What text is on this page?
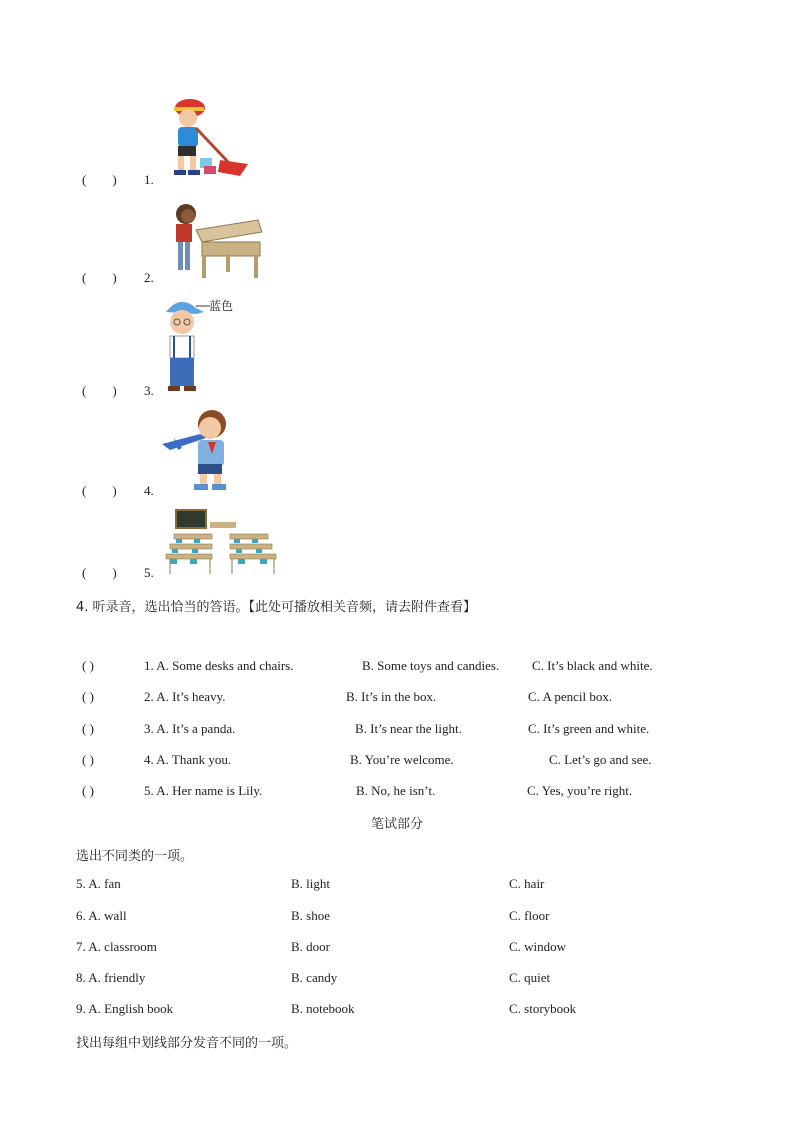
(        ) 1.
(        ) 2.
(        ) 3.
蓝色
(        ) 4.
(        ) 5.
4. 听录音，选出恰当的答语。【此处可播放相关音频，请去附件查看】
( )	1. A. Some desks and chairs.	B. Some toys and candies.	C. It’s black and white.
( )	2. A. It’s heavy.	B. It’s in the box.	C. A pencil box.
( )	3. A. It’s a panda.	B. It’s near the light.	C. It’s green and white.
( )	4. A. Thank you.	B. You’re welcome.	C. Let’s go and see.
( )	5. A. Her name is Lily.	B. No, he isn’t.	C. Yes, you’re right.
笔试部分
选出不同类的一项。
5. A. fan	B. light	C. hair
6. A. wall	B. shoe	C. floor
7. A. classroom	B. door	C. window
8. A. friendly	B. candy	C. quiet
9. A. English book	B. notebook	C. storybook
找出每组中划线部分发音不同的一项。
